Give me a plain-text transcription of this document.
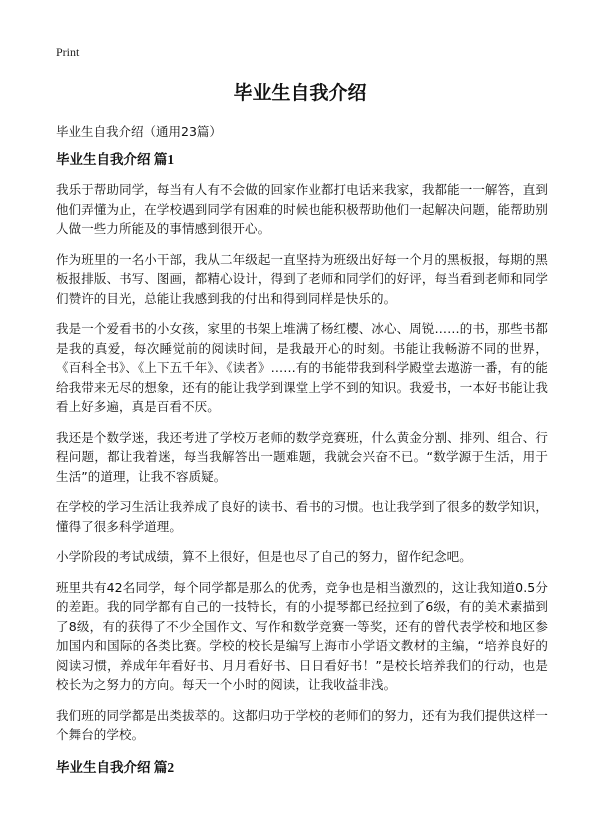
Print
毕业生自我介绍
毕业生自我介绍（通用23篇）
毕业生自我介绍 篇1

我乐于帮助同学，每当有人有不会做的回家作业都打电话来我家，我都能一一解答，直到他们弄懂为止，在学校遇到同学有困难的时候也能积极帮助他们一起解决问题，能帮助别人做一些力所能及的事情感到很开心。

作为班里的一名小干部，我从二年级起一直坚持为班级出好每一个月的黑板报，每期的黑板报排版、书写、图画，都精心设计，得到了老师和同学们的好评，每当看到老师和同学们赞许的目光，总能让我感到我的付出和得到同样是快乐的。

我是一个爱看书的小女孩，家里的书架上堆满了杨红樱、冰心、周锐……的书，那些书都是我的真爱，每次睡觉前的阅读时间，是我最开心的时刻。书能让我畅游不同的世界，《百科全书》、《上下五千年》、《读者》……有的书能带我到科学殿堂去遨游一番，有的能给我带来无尽的想象，还有的能让我学到课堂上学不到的知识。我爱书，一本好书能让我看上好多遍，真是百看不厌。

我还是个数学迷，我还考进了学校万老师的数学竞赛班，什么黄金分割、排列、组合、行程问题，都让我着迷，每当我解答出一题难题，我就会兴奋不已。“数学源于生活，用于生活”的道理，让我不容质疑。

在学校的学习生活让我养成了良好的读书、看书的习惯。也让我学到了很多的数学知识，懂得了很多科学道理。

小学阶段的考试成绩，算不上很好，但是也尽了自己的努力，留作纪念吧。

班里共有42名同学，每个同学都是那么的优秀，竞争也是相当激烈的，这让我知道0.5分的差距。我的同学都有自己的一技特长，有的小提琴都已经拉到了6级，有的美术素描到了8级，有的获得了不少全国作文、写作和数学竞赛一等奖，还有的曾代表学校和地区参加国内和国际的各类比赛。学校的校长是编写上海市小学语文教材的主编，“培养良好的阅读习惯，养成年年看好书、月月看好书、日日看好书！”是校长培养我们的行动，也是校长为之努力的方向。每天一个小时的阅读，让我收益非浅。

我们班的同学都是出类拔萃的。这都归功于学校的老师们的努力，还有为我们提供这样一个舞台的学校。

毕业生自我介绍 篇2
